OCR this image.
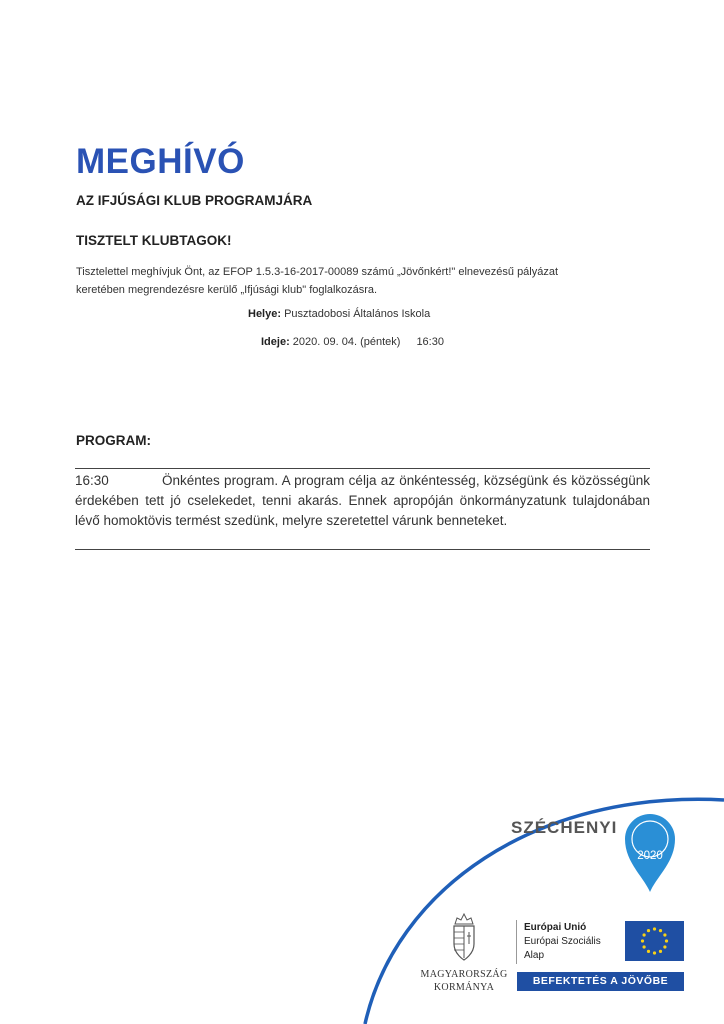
MEGHÍVÓ
AZ IFJÚSÁGI KLUB PROGRAMJÁRA
TISZTELT KLUBTAGOK!
Tisztelettel meghívjuk Önt, az EFOP 1.5.3-16-2017-00089 számú „Jövőnkért!" elnevezésű pályázat
keretében megrendezésre kerülő „Ifjúsági klub" foglalkozásra.
Helye: Pusztadobosi Általános Iskola
Ideje: 2020. 09. 04. (péntek) 16:30
PROGRAM:

16:30	Önkéntes program. A program célja az önkéntesség, községünk és közösségünk érdekében tett jó cselekedet, tenni akarás. Ennek apropóján önkormányzatunk tulajdonában lévő homoktövis termést szedünk, melyre szeretettel várunk benneteket.

SZÉCHENYI
2020
MAGYARORSZÁG
KORMÁNYA
Európai Unió
Európai Szociális
Alap
BEFEKTETÉS A JÖVŐBE
